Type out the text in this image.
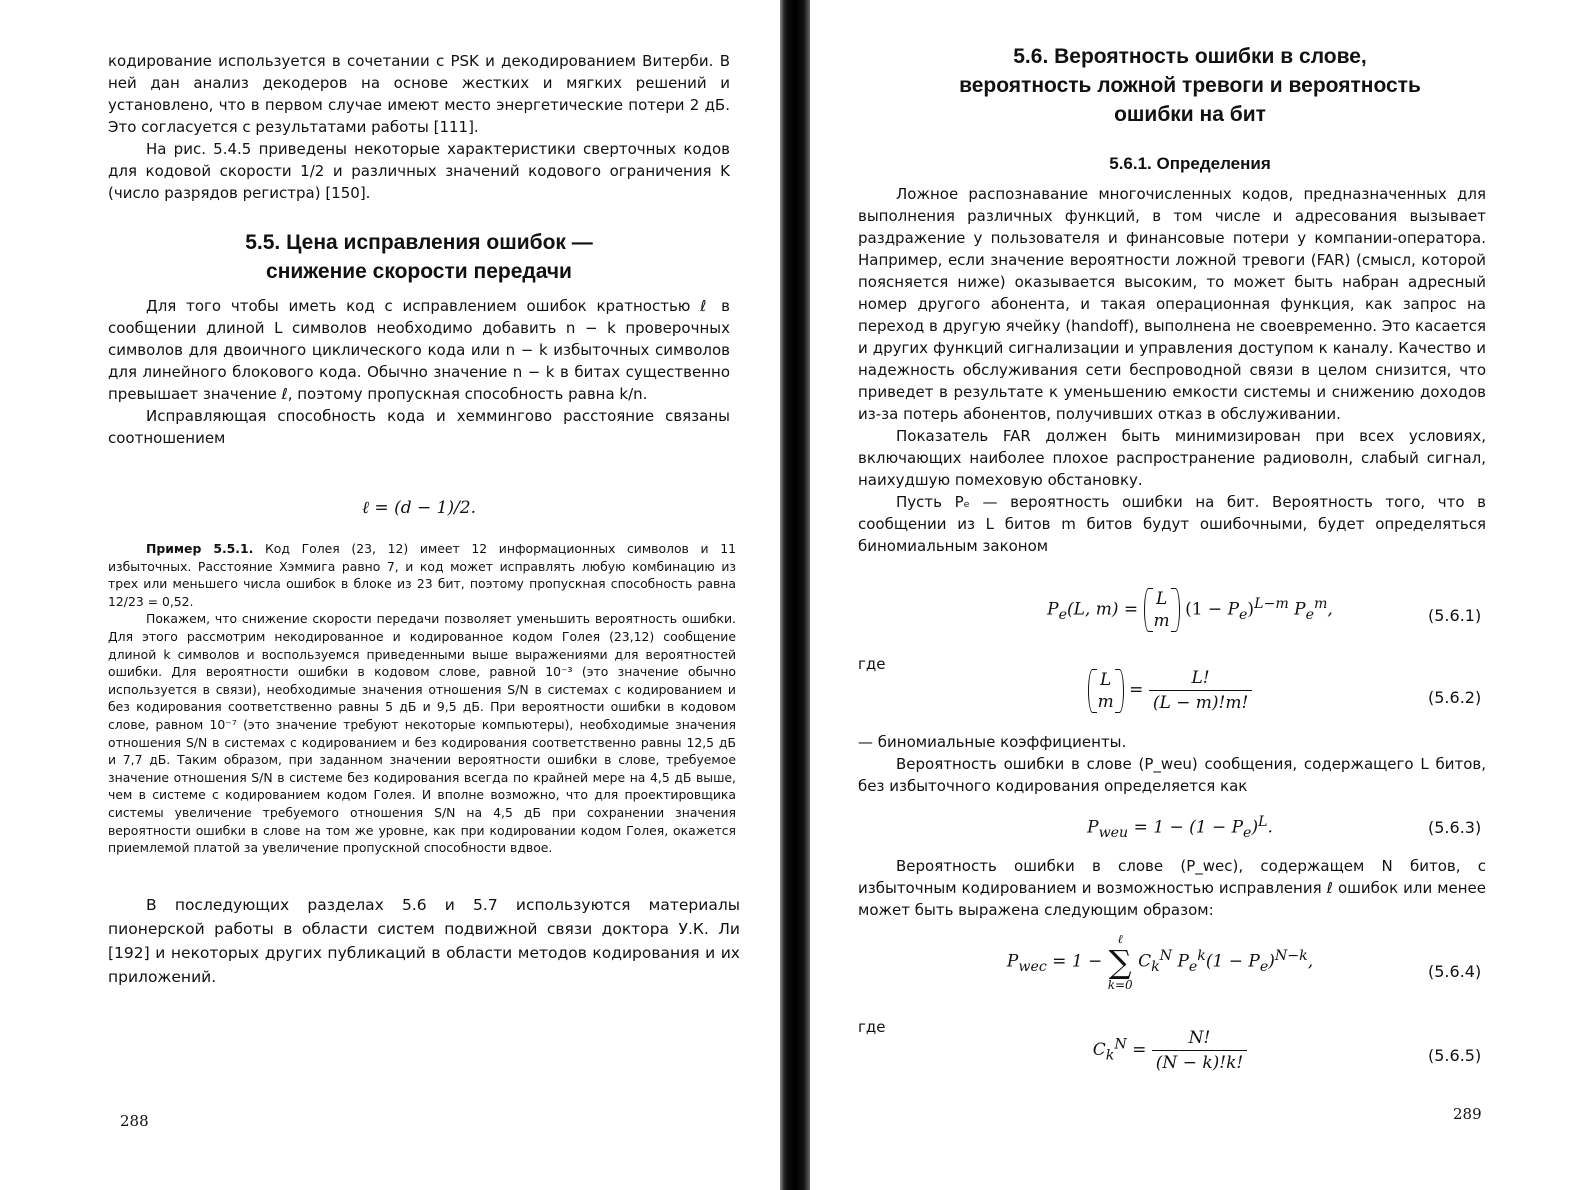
кодирование используется в сочетании с PSK и декодированием Витерби. В ней дан анализ декодеров на основе жестких и мягких решений и установлено, что в первом случае имеют место энергетические потери 2 дБ. Это согласуется с результатами работы [111].

На рис. 5.4.5 приведены некоторые характеристики сверточных кодов для кодовой скорости 1/2 и различных значений кодового ограничения K (число разрядов регистра) [150].

5.5. Цена исправления ошибок —
снижение скорости передачи

Для того чтобы иметь код с исправлением ошибок кратностью ℓ в сообщении длиной L символов необходимо добавить n − k проверочных символов для двоичного циклического кода или n − k избыточных символов для линейного блокового кода. Обычно значение n − k в битах существенно превышает значение ℓ, поэтому пропускная способность равна k/n.

Исправляющая способность кода и хеммингово расстояние связаны соотношением

ℓ = (d − 1)/2.

Пример 5.5.1. Код Голея (23, 12) имеет 12 информационных символов и 11 избыточных. Расстояние Хэммига равно 7, и код может исправлять любую комбинацию из трех или меньшего числа ошибок в блоке из 23 бит, поэтому пропускная способность равна 12/23 = 0,52.

Покажем, что снижение скорости передачи позволяет уменьшить вероятность ошибки. Для этого рассмотрим некодированное и кодированное кодом Голея (23,12) сообщение длиной k символов и воспользуемся приведенными выше выражениями для вероятностей ошибки. Для вероятности ошибки в кодовом слове, равной 10⁻³ (это значение обычно используется в связи), необходимые значения отношения S/N в системах с кодированием и без кодирования соответственно равны 5 дБ и 9,5 дБ. При вероятности ошибки в кодовом слове, равном 10⁻⁷ (это значение требуют некоторые компьютеры), необходимые значения отношения S/N в системах с кодированием и без кодирования соответственно равны 12,5 дБ и 7,7 дБ. Таким образом, при заданном значении вероятности ошибки в слове, требуемое значение отношения S/N в системе без кодирования всегда по крайней мере на 4,5 дБ выше, чем в системе с кодированием кодом Голея. И вполне возможно, что для проектировщика системы увеличение требуемого отношения S/N на 4,5 дБ при сохранении значения вероятности ошибки в слове на том же уровне, как при кодировании кодом Голея, окажется приемлемой платой за увеличение пропускной способности вдвое.

В последующих разделах 5.6 и 5.7 используются материалы пионерской работы в области систем подвижной связи доктора У.К. Ли [192] и некоторых других публикаций в области методов кодирования и их приложений.

288
5.6. Вероятность ошибки в слове,
вероятность ложной тревоги и вероятность
ошибки на бит
5.6.1. Определения

Ложное распознавание многочисленных кодов, предназначенных для выполнения различных функций, в том числе и адресования вызывает раздражение у пользователя и финансовые потери у компании-оператора. Например, если значение вероятности ложной тревоги (FAR) (смысл, которой поясняется ниже) оказывается высоким, то может быть набран адресный номер другого абонента, и такая операционная функция, как запрос на переход в другую ячейку (handoff), выполнена не своевременно. Это касается и других функций сигнализации и управления доступом к каналу. Качество и надежность обслуживания сети беспроводной связи в целом снизится, что приведет в результате к уменьшению емкости системы и снижению доходов из-за потерь абонентов, получивших отказ в обслуживании.

Показатель FAR должен быть минимизирован при всех условиях, включающих наиболее плохое распространение радиоволн, слабый сигнал, наихудшую помеховую обстановку.

Пусть Pₑ — вероятность ошибки на бит. Вероятность того, что в сообщении из L битов m битов будут ошибочными, будет определяться биномиальным законом

$P_e(L$, m) =
L
m
$(1 - P_e)^{L-m}$ $P_e^m$,	(5.6.1)
где
L
m
= $\frac{L!}{(L - m)!m!}$	(5.6.2)
— биномиальные коэффициенты.

Вероятность ошибки в слове (P_weu) сообщения, содержащего L битов, без избыточного кодирования определяется как

$P_{weu} = 1 - (1 - P_e)^L$.	(5.6.3)

Вероятность ошибки в слове (P_wec), содержащем N битов, с избыточным кодированием и возможностью исправления ℓ ошибок или менее может быть выражена следующим образом:

$P_{wec} = 1$ −
ℓ
∑
k=0
$C_k^N$ $P_e^k(1 - P_e)^{N-k}$,	(5.6.4)
где
$C_k^N = \frac{N!}{(N - k)!k!}$	(5.6.5)
289
